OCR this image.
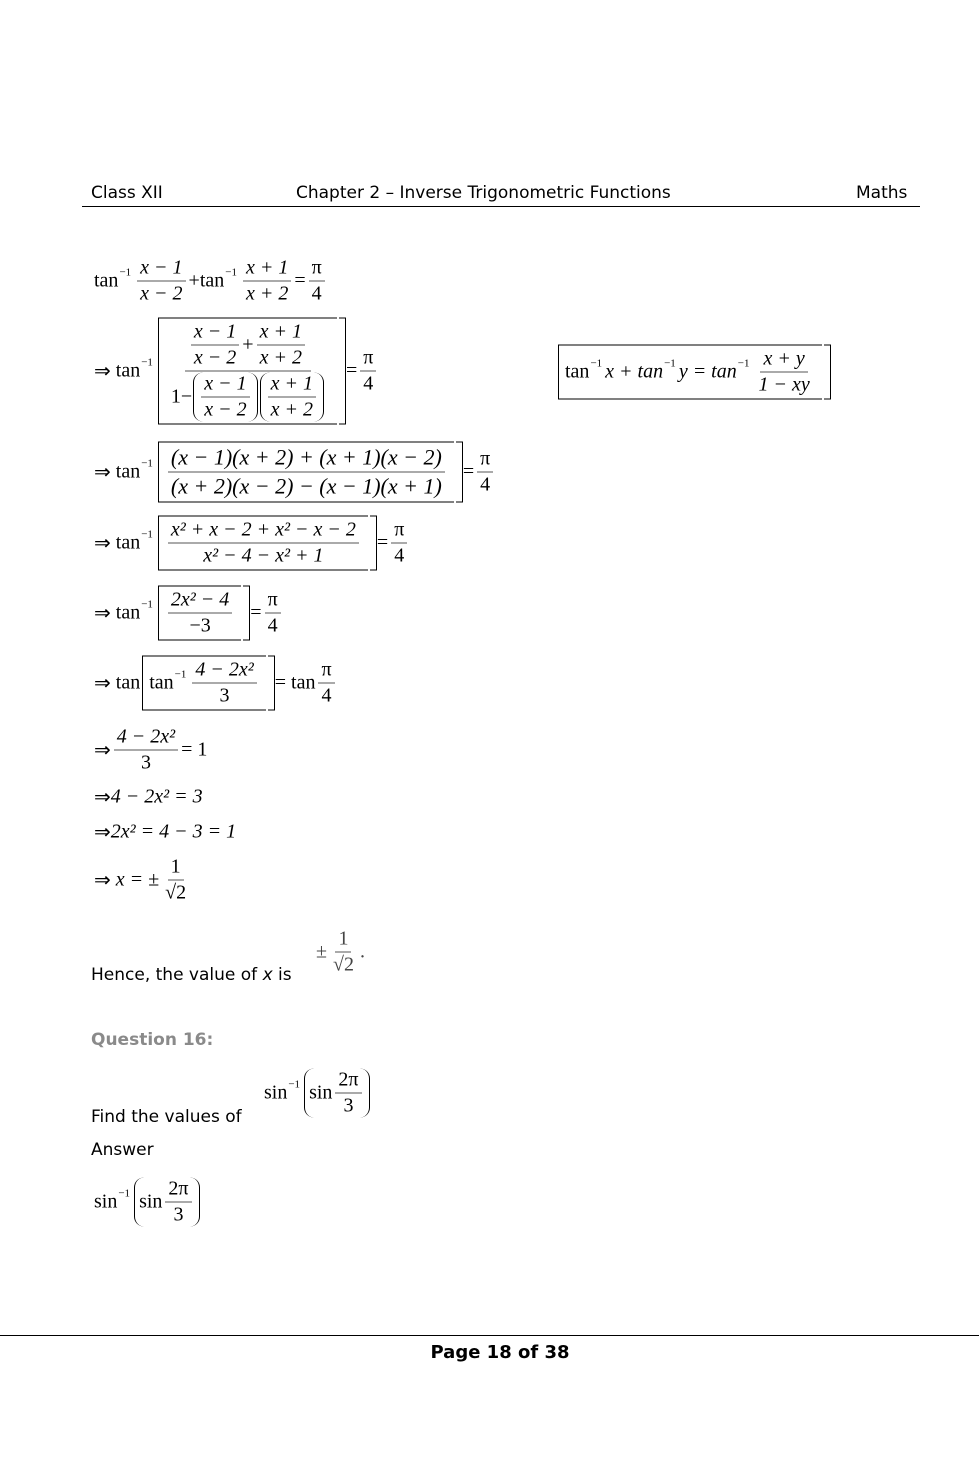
Class XII	Chapter 2 – Inverse Trigonometric Functions	Maths
tan −1 x − 1
x − 2
+ $\tan -1 \frac{x + 1}{x + 2} = \frac{\pi}{4}$
⇒
tan −1
x − 1
x − 2
+ $\frac{x + 1}{x + 2}$
1−
x − 1
x − 2
x + 1
x + 2
= $\frac{\pi}{4}$	tan −1 x + tan −1 y = tan −1 x + y
1 − xy
⇒
tan −1 (x − 1)(x + 2) + (x + 1)(x − 2)
(x + 2)(x − 2) − (x − 1)(x + 1)
= $\frac{\pi}{4}$
⇒
tan −1 x² + x − 2 + x² − x − 2
x² − 4 − x² + 1
= $\frac{\pi}{4}$
⇒
tan −1 2x² − 4
−3
= $\frac{\pi}{4}$
⇒
tan tan −1 4 − 2x²
3
=
tan
π
4
⇒ $\frac{\text{4 − 2x²}}{3} = 1$
⇒ 4 − 2x² = 3
⇒ 2x² = 4 − 3 = 1
⇒
x = ± $\frac{1}{√2}$
Hence, the value of x is
± $\frac{1}{√2}$ .
Question 16:
sin −1 sin
2π
3
Find the values of
Answer
sin −1 sin
2π
3
Page 18 of 38
